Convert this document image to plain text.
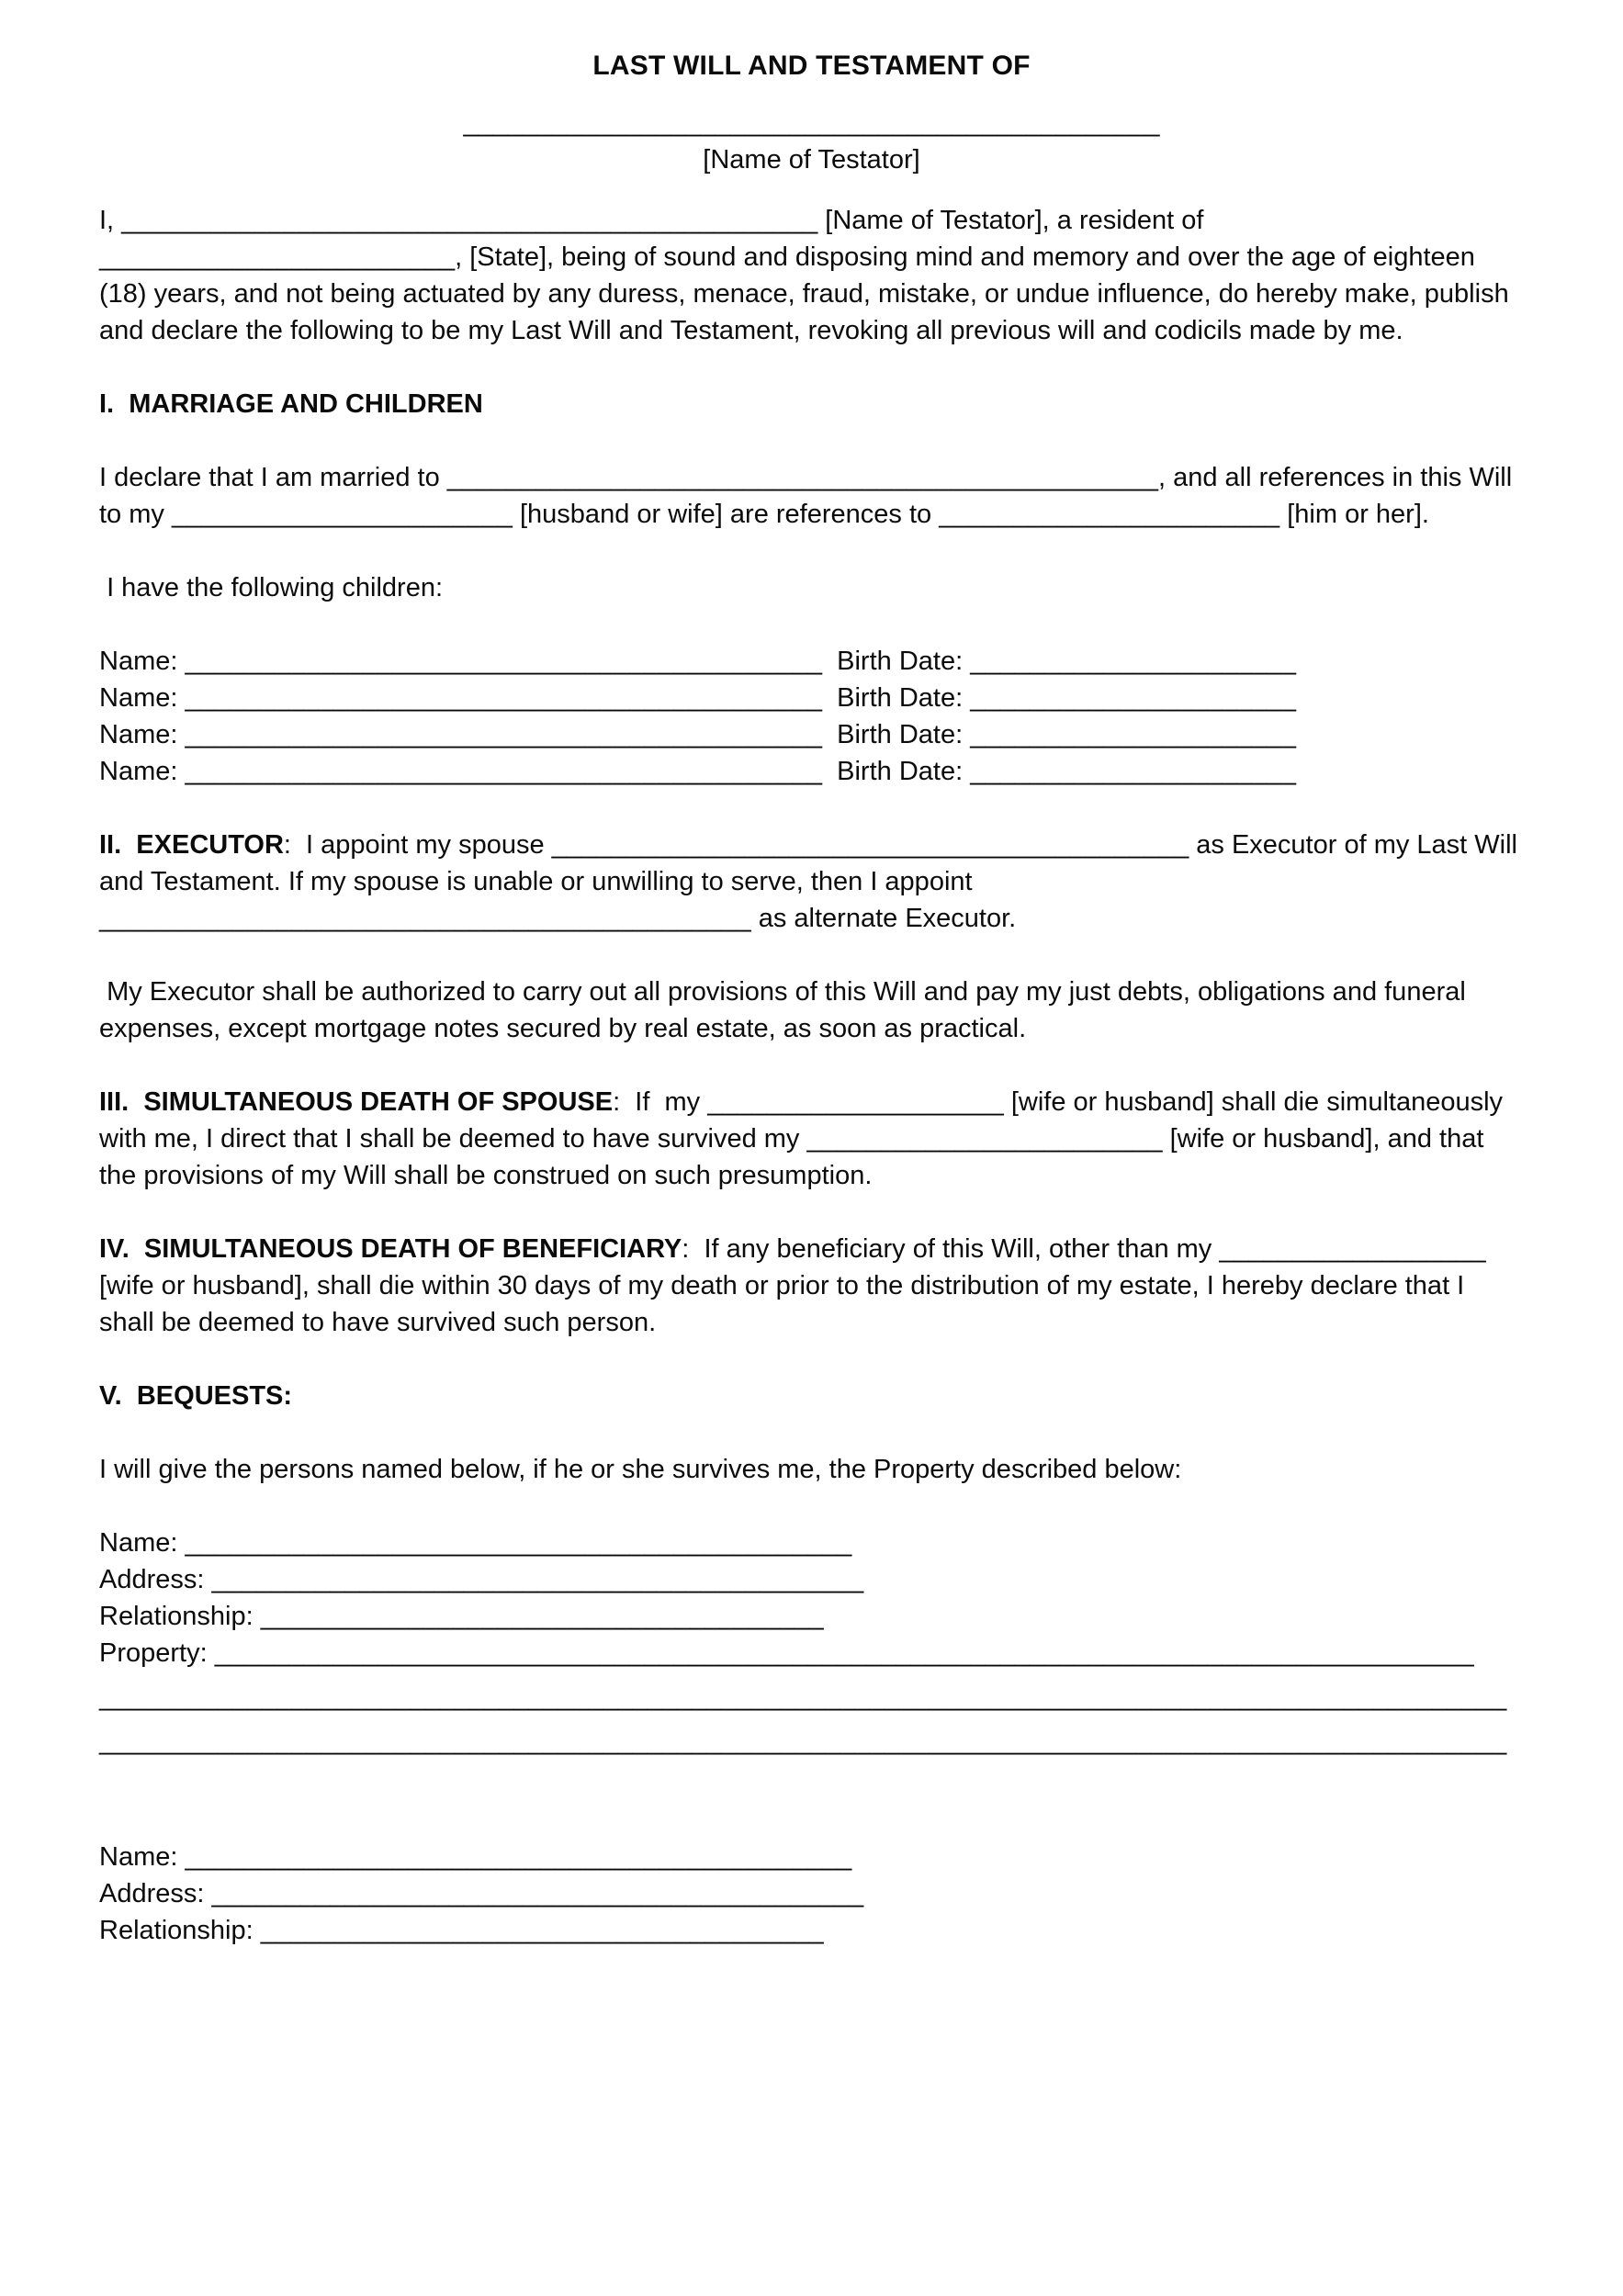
LAST WILL AND TESTAMENT OF
_______________________________________________
[Name of Testator]

I, _______________________________________________ [Name of Testator], a resident of ________________________, [State], being of sound and disposing mind and memory and over the age of eighteen (18) years, and not being actuated by any duress, menace, fraud, mistake, or undue influence, do hereby make, publish and declare the following to be my Last Will and Testament, revoking all previous will and codicils made by me.

I.  MARRIAGE AND CHILDREN

I declare that I am married to ________________________________________________, and all references in this Will to my _______________________ [husband or wife] are references to _______________________ [him or her].

I have the following children:

Name: ___________________________________________  Birth Date: ______________________
Name: ___________________________________________  Birth Date: ______________________
Name: ___________________________________________  Birth Date: ______________________
Name: ___________________________________________  Birth Date: ______________________

II.  EXECUTOR:  I appoint my spouse ___________________________________________ as Executor of my Last Will and Testament. If my spouse is unable or unwilling to serve, then I appoint ____________________________________________ as alternate Executor.

My Executor shall be authorized to carry out all provisions of this Will and pay my just debts, obligations and funeral expenses, except mortgage notes secured by real estate, as soon as practical.

III.  SIMULTANEOUS DEATH OF SPOUSE:  If  my ____________________ [wife or husband] shall die simultaneously with me, I direct that I shall be deemed to have survived my ________________________ [wife or husband], and that the provisions of my Will shall be construed on such presumption.

IV.  SIMULTANEOUS DEATH OF BENEFICIARY:  If any beneficiary of this Will, other than my __________________ [wife or husband], shall die within 30 days of my death or prior to the distribution of my estate, I hereby declare that I shall be deemed to have survived such person.

V.  BEQUESTS:

I will give the persons named below, if he or she survives me, the Property described below:

Name: _____________________________________________
Address: ____________________________________________
Relationship: ______________________________________
Property: _____________________________________________________________________________________
_______________________________________________________________________________________________
_______________________________________________________________________________________________
Name: _____________________________________________
Address: ____________________________________________
Relationship: ______________________________________
